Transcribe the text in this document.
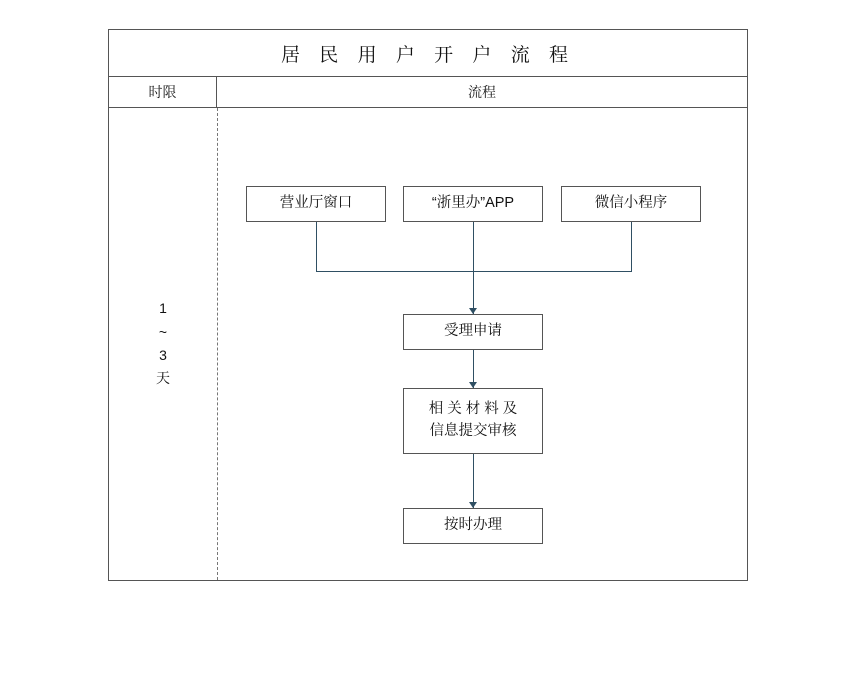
居 民 用 户 开 户 流 程
时限	流程
1
~
3
天
营业厅窗口	“浙里办”APP	微信小程序
受理申请
相 关 材 料 及
信息提交审核
按时办理
